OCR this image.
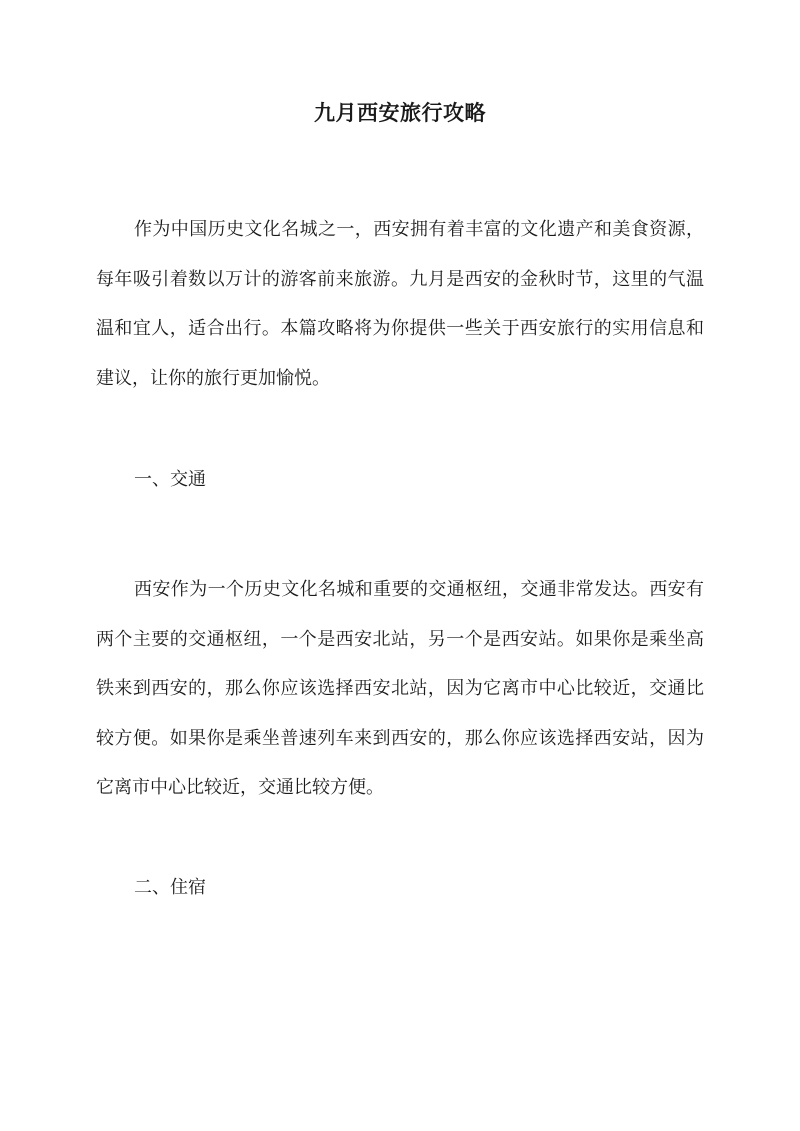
九月西安旅行攻略

作为中国历史文化名城之一，西安拥有着丰富的文化遗产和美食资源，每年吸引着数以万计的游客前来旅游。九月是西安的金秋时节，这里的气温温和宜人，适合出行。本篇攻略将为你提供一些关于西安旅行的实用信息和建议，让你的旅行更加愉悦。

一、交通

西安作为一个历史文化名城和重要的交通枢纽，交通非常发达。西安有两个主要的交通枢纽，一个是西安北站，另一个是西安站。如果你是乘坐高铁来到西安的，那么你应该选择西安北站，因为它离市中心比较近，交通比较方便。如果你是乘坐普速列车来到西安的，那么你应该选择西安站，因为它离市中心比较近，交通比较方便。

二、住宿
